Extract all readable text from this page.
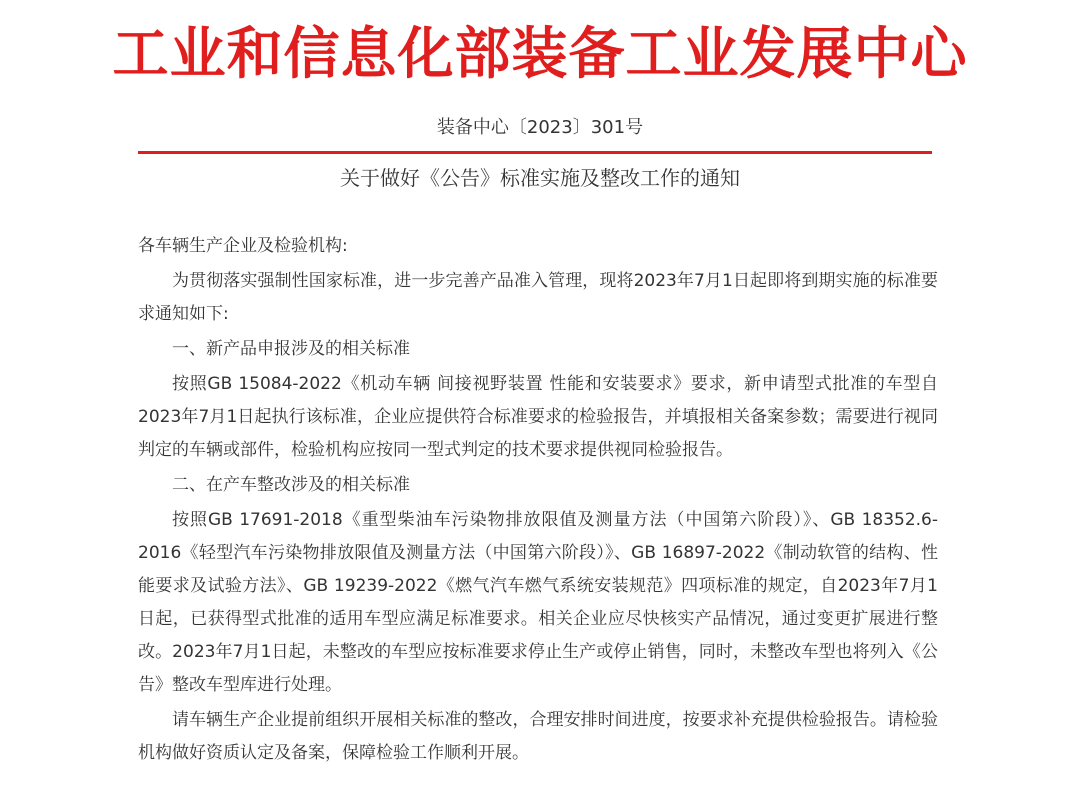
工业和信息化部装备工业发展中心
装备中心〔2023〕301号
关于做好《公告》标准实施及整改工作的通知

各车辆生产企业及检验机构:

为贯彻落实强制性国家标准，进一步完善产品准入管理，现将2023年7月1日起即将到期实施的标准要求通知如下:

一、新产品申报涉及的相关标准

按照GB 15084-2022《机动车辆 间接视野装置 性能和安装要求》要求，新申请型式批准的车型自2023年7月1日起执行该标准，企业应提供符合标准要求的检验报告，并填报相关备案参数；需要进行视同判定的车辆或部件，检验机构应按同一型式判定的技术要求提供视同检验报告。

二、在产车整改涉及的相关标准

按照GB 17691-2018《重型柴油车污染物排放限值及测量方法（中国第六阶段）》、GB 18352.6-2016《轻型汽车污染物排放限值及测量方法（中国第六阶段）》、GB 16897-2022《制动软管的结构、性能要求及试验方法》、GB 19239-2022《燃气汽车燃气系统安装规范》四项标准的规定，自2023年7月1日起，已获得型式批准的适用车型应满足标准要求。相关企业应尽快核实产品情况，通过变更扩展进行整改。2023年7月1日起，未整改的车型应按标准要求停止生产或停止销售，同时，未整改车型也将列入《公告》整改车型库进行处理。

请车辆生产企业提前组织开展相关标准的整改，合理安排时间进度，按要求补充提供检验报告。请检验机构做好资质认定及备案，保障检验工作顺利开展。
